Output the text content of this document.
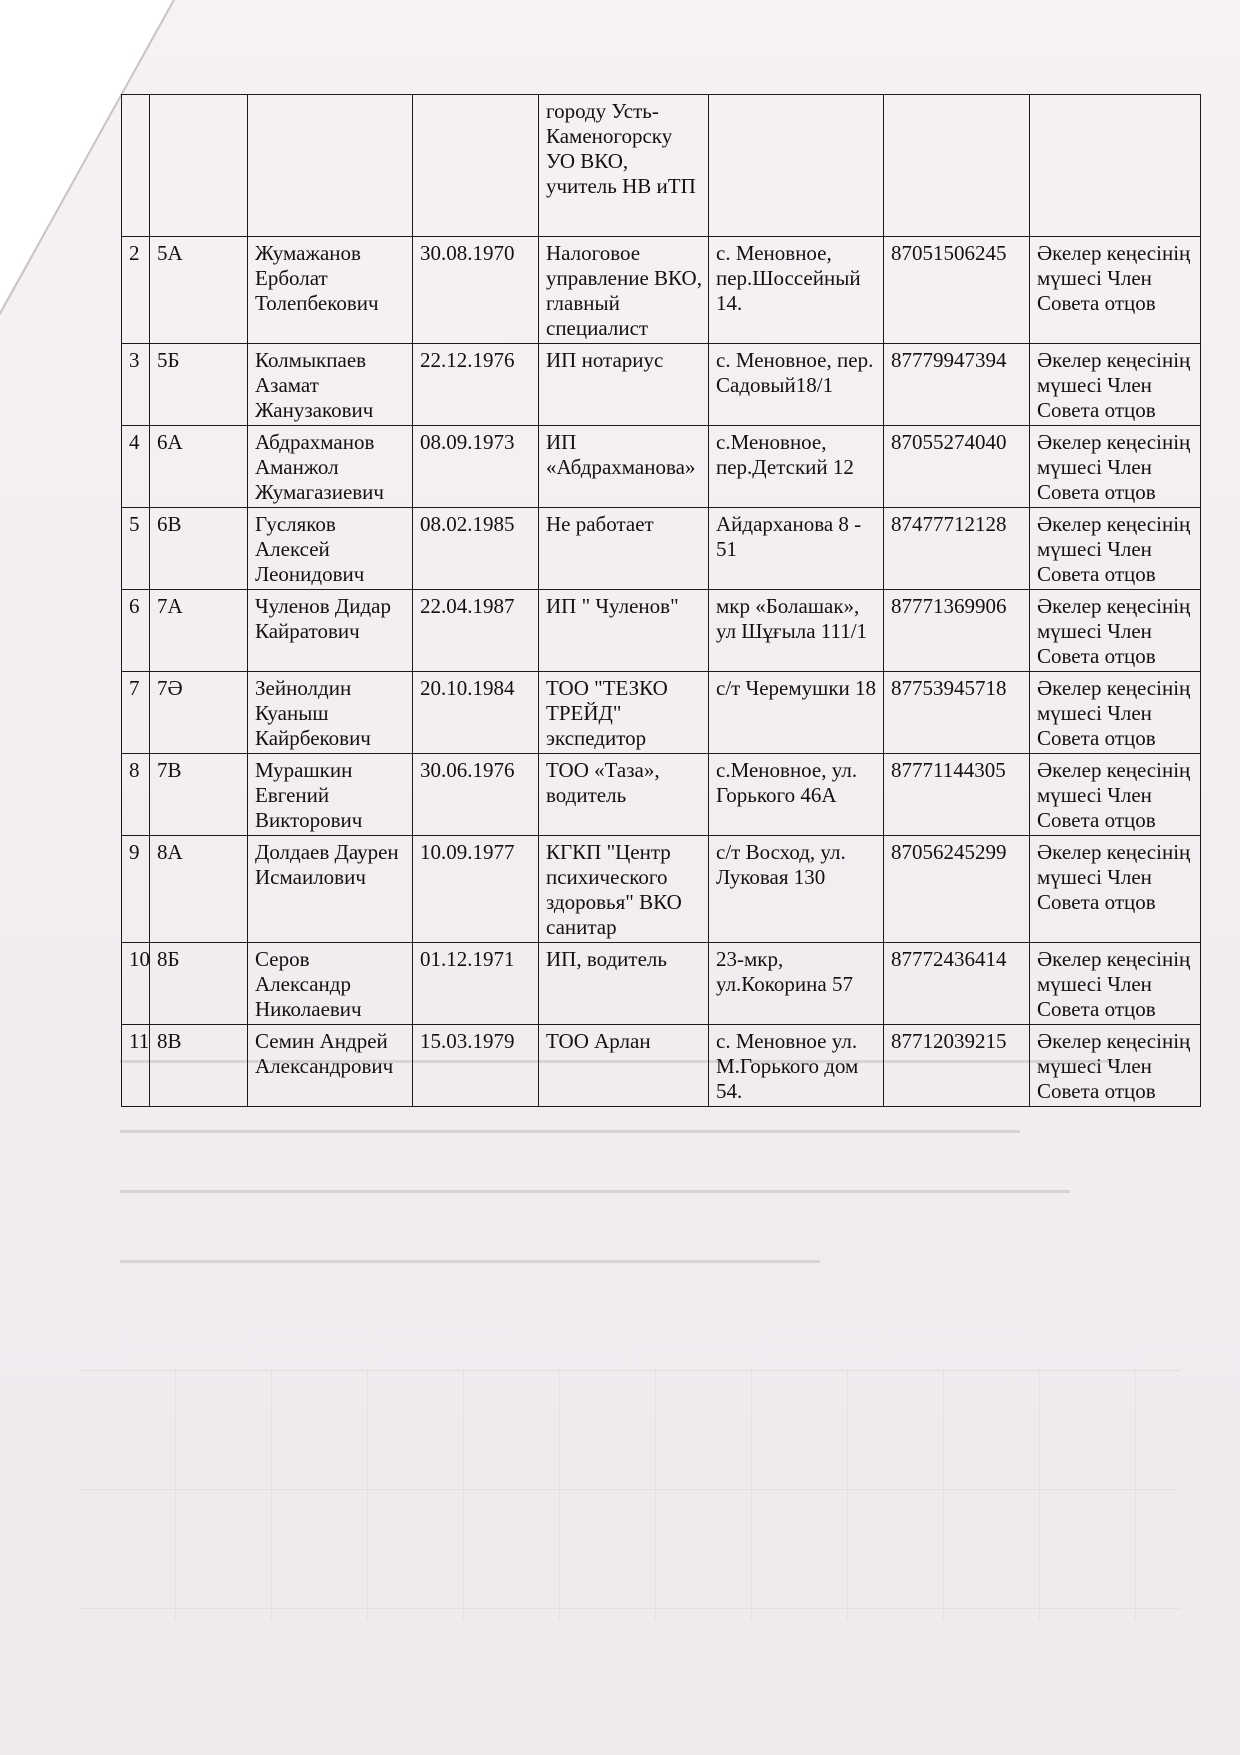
				городу Усть-Каменогорску УО ВКО, учитель НВ иТП			
2	5А	Жумажанов Ерболат Толепбекович	30.08.1970	Налоговое управление ВКО, главный специалист	с. Меновное, пер.Шоссейный 14.	87051506245	Әкелер кеңесінің мүшесі Член Совета отцов
3	5Б	Колмыкпаев Азамат Жанузакович	22.12.1976	ИП нотариус	с. Меновное, пер. Садовый18/1	87779947394	Әкелер кеңесінің мүшесі Член Совета отцов
4	6А	Абдрахманов Аманжол Жумагазиевич	08.09.1973	ИП «Абдрахманова»	с.Меновное, пер.Детский 12	87055274040	Әкелер кеңесінің мүшесі Член Совета отцов
5	6В	Гусляков Алексей Леонидович	08.02.1985	Не работает	Айдарханова 8 - 51	87477712128	Әкелер кеңесінің мүшесі Член Совета отцов
6	7А	Чуленов Дидар Кайратович	22.04.1987	ИП " Чуленов"	мкр «Болашак», ул Шұғыла 111/1	87771369906	Әкелер кеңесінің мүшесі Член Совета отцов
7	7Ә	Зейнолдин Куаныш Кайрбекович	20.10.1984	ТОО "ТЕЗКО ТРЕЙД" экспедитор	с/т Черемушки 18	87753945718	Әкелер кеңесінің мүшесі Член Совета отцов
8	7В	Мурашкин Евгений Викторович	30.06.1976	ТОО «Таза», водитель	с.Меновное, ул. Горького 46А	87771144305	Әкелер кеңесінің мүшесі Член Совета отцов
9	8А	Долдаев Даурен Исмаилович	10.09.1977	КГКП "Центр психического здоровья" ВКО санитар	с/т Восход, ул. Луковая 130	87056245299	Әкелер кеңесінің мүшесі Член Совета отцов
10	8Б	Серов Александр Николаевич	01.12.1971	ИП, водитель	23-мкр, ул.Кокорина 57	87772436414	Әкелер кеңесінің мүшесі Член Совета отцов
11	8В	Семин Андрей Александрович	15.03.1979	ТОО Арлан	с. Меновное ул. М.Горького дом 54.	87712039215	Әкелер кеңесінің мүшесі Член Совета отцов
